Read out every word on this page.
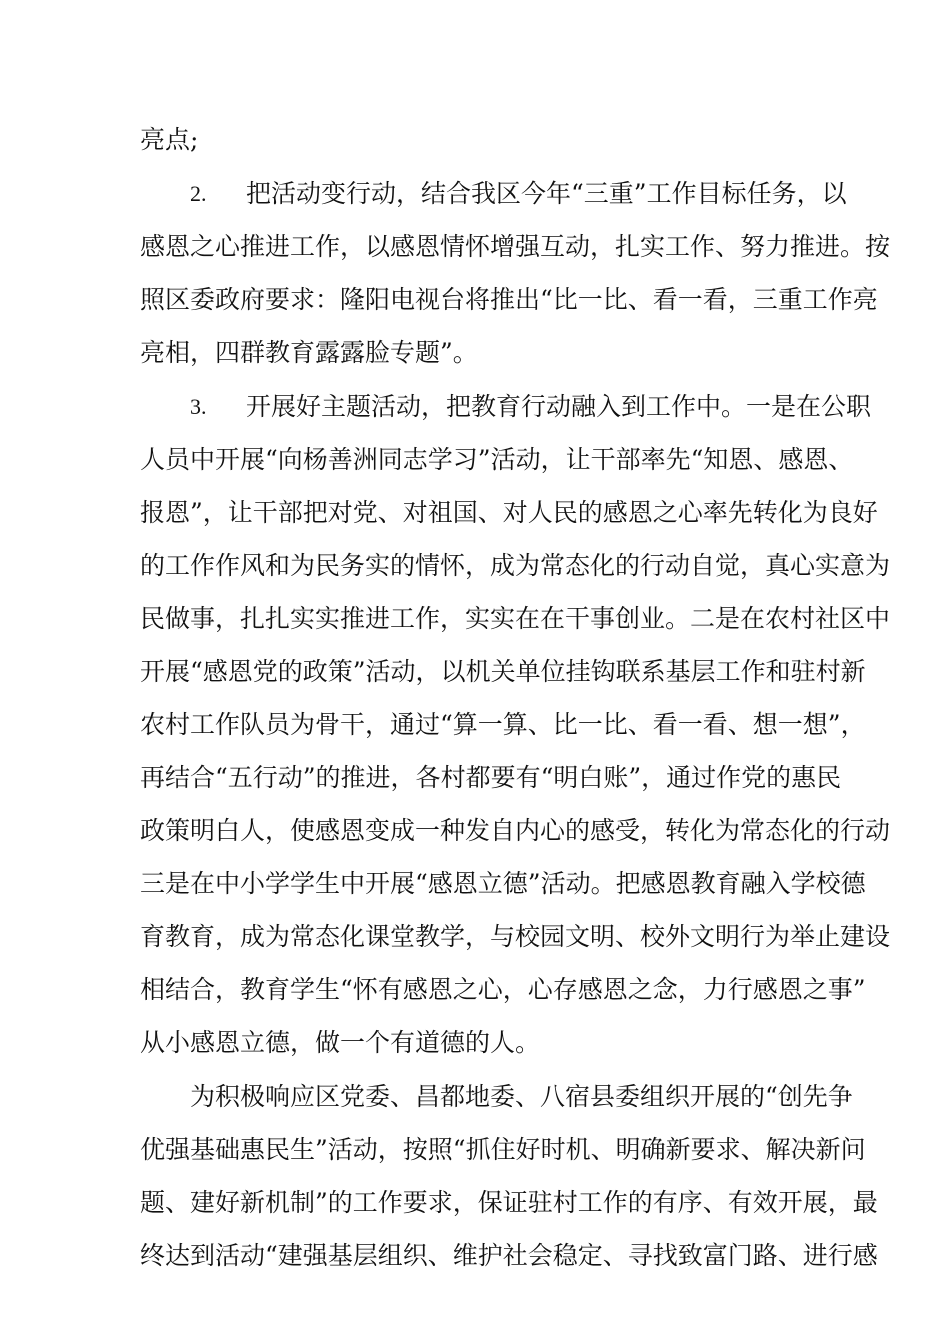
亮点;
2. 把活动变行动，结合我区今年“三重”工作目标任务，以
感恩之心推进工作，以感恩情怀增强互动，扎实工作、努力推进。按
照区委政府要求：隆阳电视台将推出“比一比、看一看，三重工作亮
亮相，四群教育露露脸专题”。
3. 开展好主题活动，把教育行动融入到工作中。一是在公职
人员中开展“向杨善洲同志学习”活动，让干部率先“知恩、感恩、
报恩”，让干部把对党、对祖国、对人民的感恩之心率先转化为良好
的工作作风和为民务实的情怀，成为常态化的行动自觉，真心实意为
民做事，扎扎实实推进工作，实实在在干事创业。二是在农村社区中
开展“感恩党的政策”活动，以机关单位挂钩联系基层工作和驻村新
农村工作队员为骨干，通过“算一算、比一比、看一看、想一想”，
再结合“五行动”的推进，各村都要有“明白账”，通过作党的惠民
政策明白人，使感恩变成一种发自内心的感受，转化为常态化的行动
三是在中小学学生中开展“感恩立德”活动。把感恩教育融入学校德
育教育，成为常态化课堂教学，与校园文明、校外文明行为举止建设
相结合，教育学生“怀有感恩之心，心存感恩之念，力行感恩之事”
从小感恩立德，做一个有道德的人。
为积极响应区党委、昌都地委、八宿县委组织开展的“创先争
优强基础惠民生”活动，按照“抓住好时机、明确新要求、解决新问
题、建好新机制”的工作要求，保证驻村工作的有序、有效开展，最
终达到活动“建强基层组织、维护社会稳定、寻找致富门路、进行感
